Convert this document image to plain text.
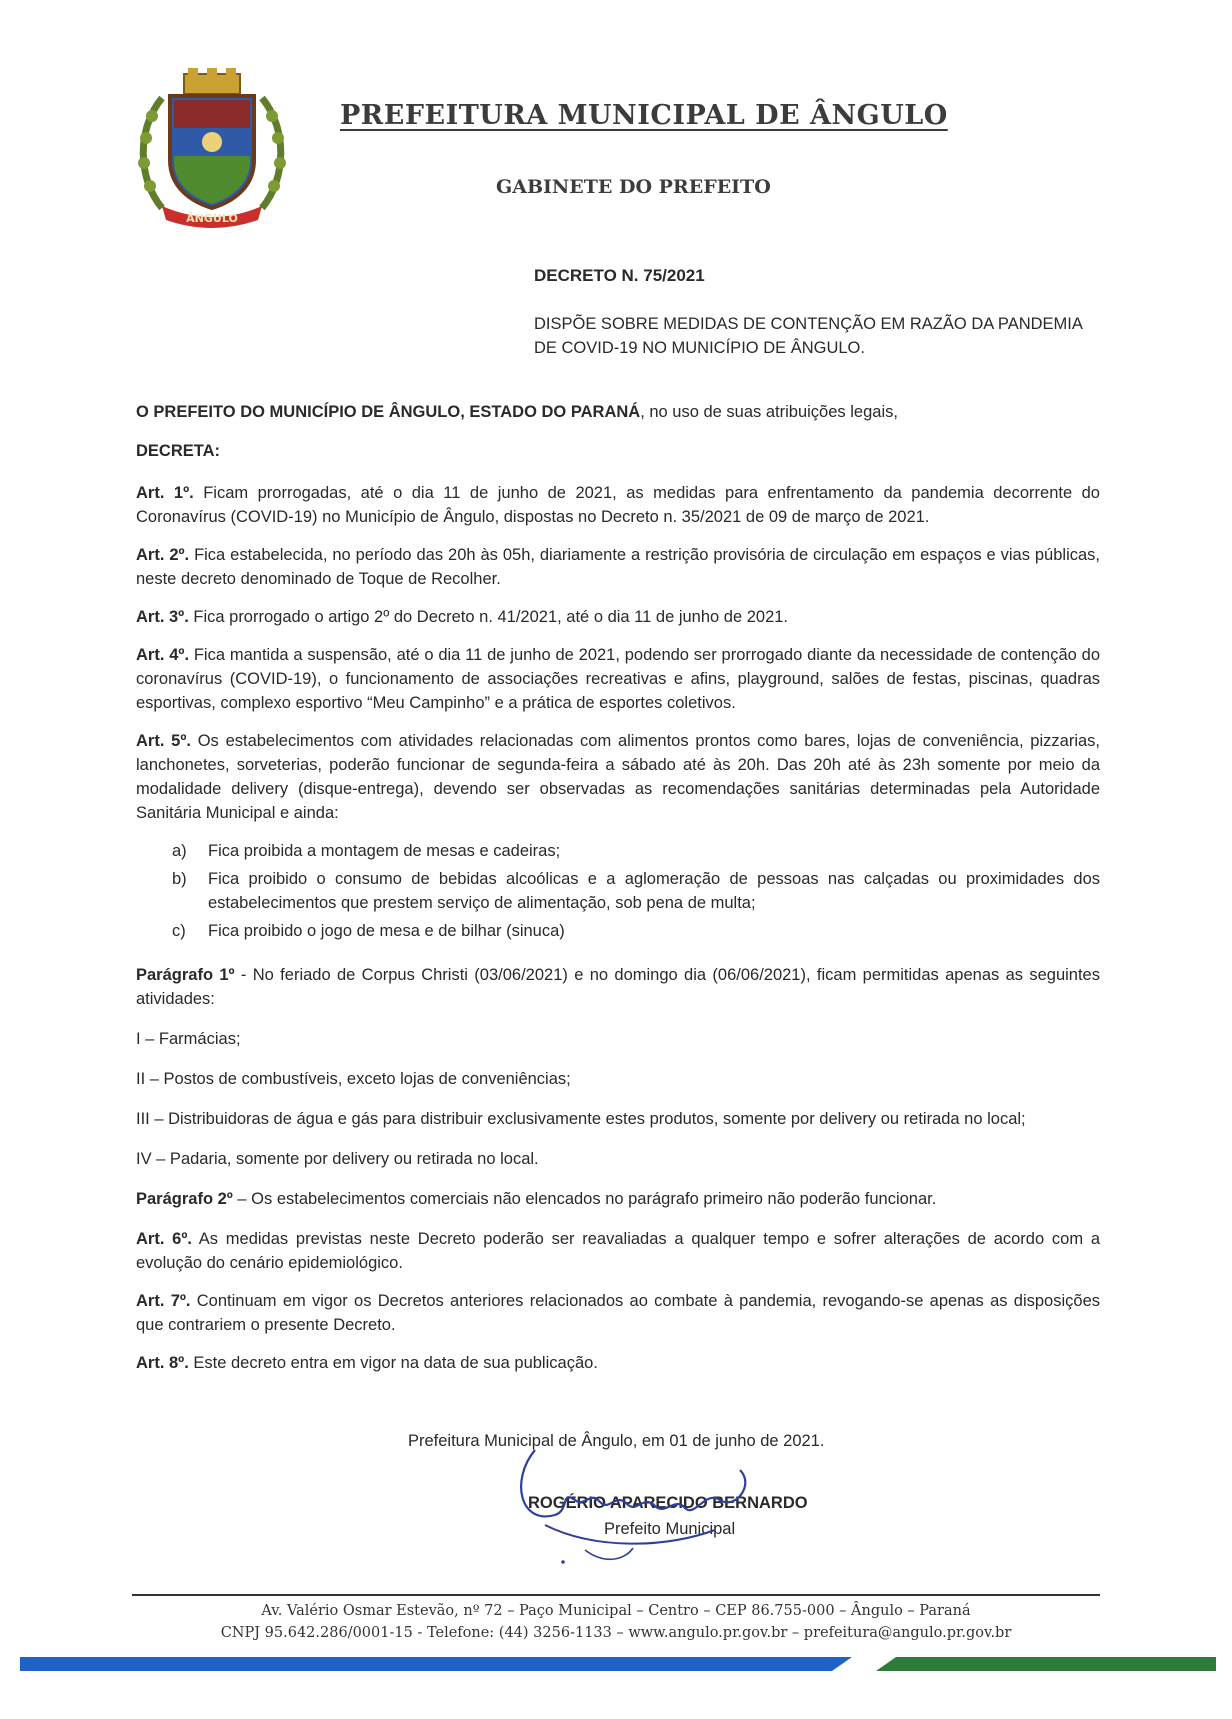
ÂNGULO
PREFEITURA MUNICIPAL DE ÂNGULO
GABINETE DO PREFEITO

DECRETO N. 75/2021

DISPÕE SOBRE MEDIDAS DE CONTENÇÃO EM RAZÃO DA PANDEMIA DE COVID-19 NO MUNICÍPIO DE ÂNGULO.

O PREFEITO DO MUNICÍPIO DE ÂNGULO, ESTADO DO PARANÁ, no uso de suas atribuições legais,

DECRETA:

Art. 1º. Ficam prorrogadas, até o dia 11 de junho de 2021, as medidas para enfrentamento da pandemia decorrente do Coronavírus (COVID-19) no Município de Ângulo, dispostas no Decreto n. 35/2021 de 09 de março de 2021.

Art. 2º. Fica estabelecida, no período das 20h às 05h, diariamente a restrição provisória de circulação em espaços e vias públicas, neste decreto denominado de Toque de Recolher.

Art. 3º. Fica prorrogado o artigo 2º do Decreto n. 41/2021, até o dia 11 de junho de 2021.

Art. 4º. Fica mantida a suspensão, até o dia 11 de junho de 2021, podendo ser prorrogado diante da necessidade de contenção do coronavírus (COVID-19), o funcionamento de associações recreativas e afins, playground, salões de festas, piscinas, quadras esportivas, complexo esportivo “Meu Campinho” e a prática de esportes coletivos.

Art. 5º. Os estabelecimentos com atividades relacionadas com alimentos prontos como bares, lojas de conveniência, pizzarias, lanchonetes, sorveterias, poderão funcionar de segunda-feira a sábado até às 20h. Das 20h até às 23h somente por meio da modalidade delivery (disque-entrega), devendo ser observadas as recomendações sanitárias determinadas pela Autoridade Sanitária Municipal e ainda:

a)	Fica proibida a montagem de mesas e cadeiras;
b)	Fica proibido o consumo de bebidas alcoólicas e a aglomeração de pessoas nas calçadas ou proximidades dos estabelecimentos que prestem serviço de alimentação, sob pena de multa;
c)	Fica proibido o jogo de mesa e de bilhar (sinuca)

Parágrafo 1º - No feriado de Corpus Christi (03/06/2021) e no domingo dia (06/06/2021), ficam permitidas apenas as seguintes atividades:

I – Farmácias;

II – Postos de combustíveis, exceto lojas de conveniências;

III – Distribuidoras de água e gás para distribuir exclusivamente estes produtos, somente por delivery ou retirada no local;

IV – Padaria, somente por delivery ou retirada no local.

Parágrafo 2º – Os estabelecimentos comerciais não elencados no parágrafo primeiro não poderão funcionar.

Art. 6º. As medidas previstas neste Decreto poderão ser reavaliadas a qualquer tempo e sofrer alterações de acordo com a evolução do cenário epidemiológico.

Art. 7º. Continuam em vigor os Decretos anteriores relacionados ao combate à pandemia, revogando-se apenas as disposições que contrariem o presente Decreto.

Art. 8º. Este decreto entra em vigor na data de sua publicação.

Prefeitura Municipal de Ângulo, em 01 de junho de 2021.

ROGÉRIO APARECIDO BERNARDO

Prefeito Municipal

Av. Valério Osmar Estevão, nº 72 – Paço Municipal – Centro – CEP 86.755-000 – Ângulo – Paraná

CNPJ 95.642.286/0001-15 - Telefone: (44) 3256-1133 – www.angulo.pr.gov.br – prefeitura@angulo.pr.gov.br
